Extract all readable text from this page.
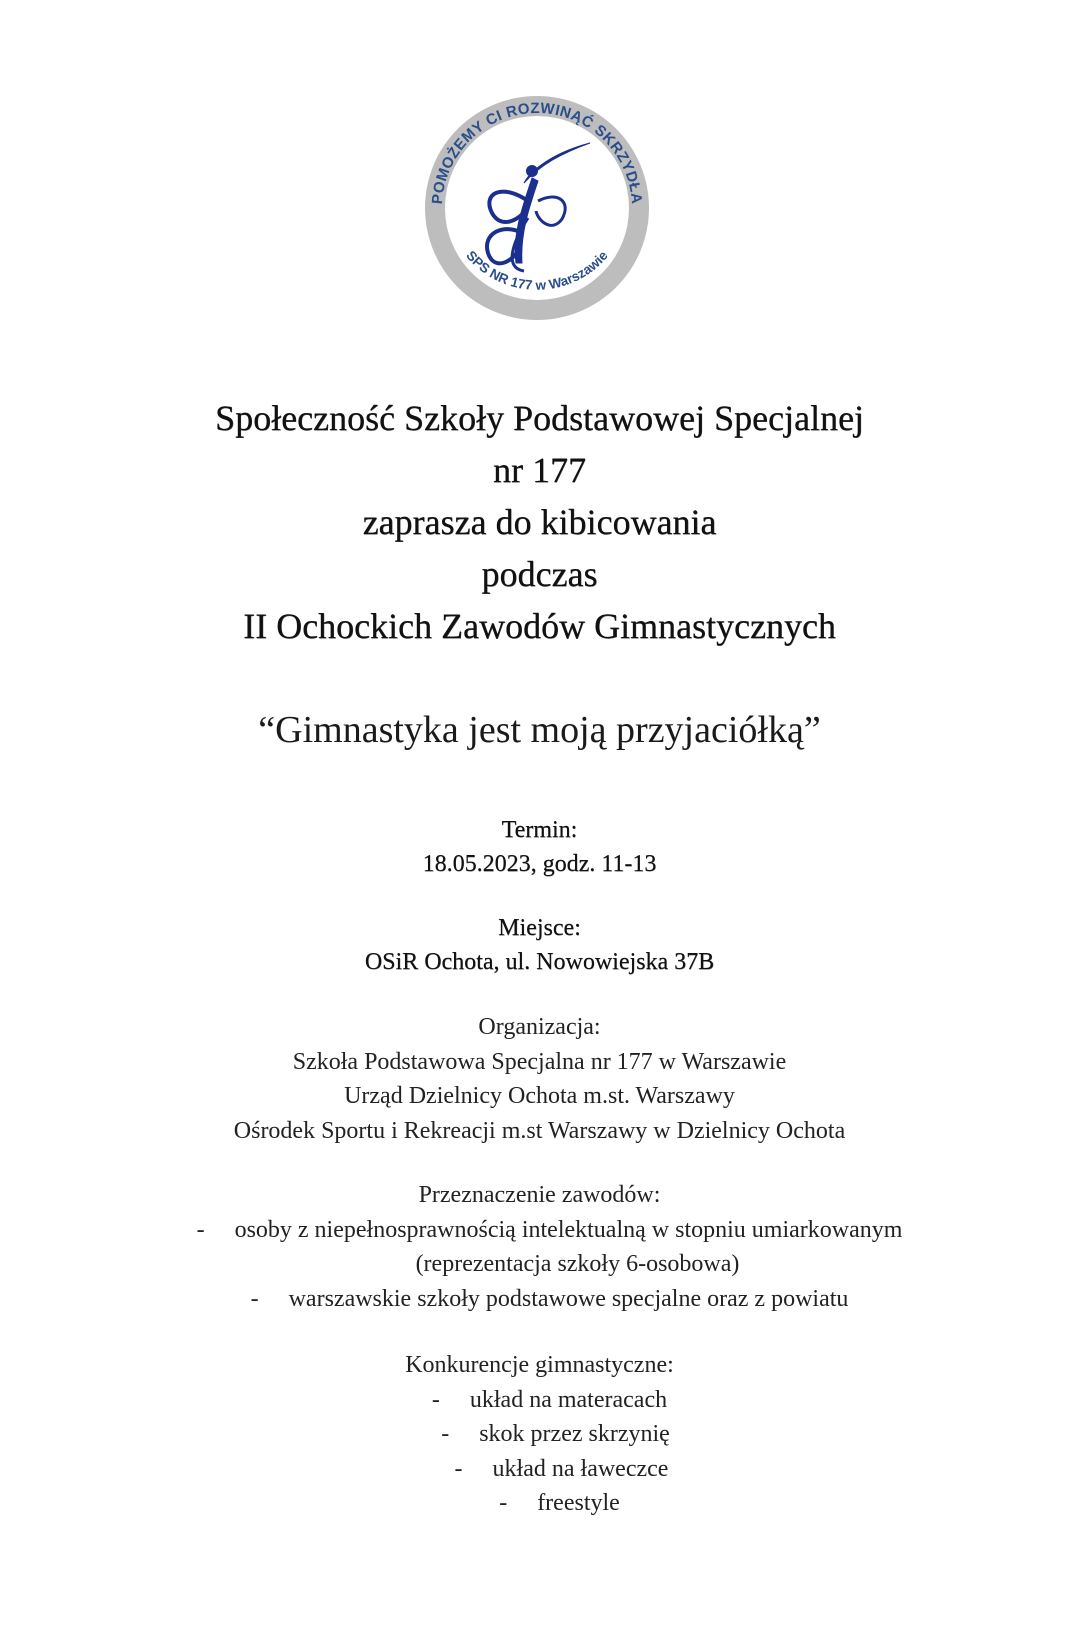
POMOŻEMY CI ROZWINĄĆ SKRZYDŁA
SPS NR 177 w Warszawie
Społeczność Szkoły Podstawowej Specjalnej
nr 177
zaprasza do kibicowania
podczas
II Ochockich Zawodów Gimnastycznych
“Gimnastyka jest moją przyjaciółką”
Termin:
18.05.2023, godz. 11-13
Miejsce:
OSiR Ochota, ul. Nowowiejska 37B
Organizacja:
Szkoła Podstawowa Specjalna nr 177 w Warszawie
Urząd Dzielnicy Ochota m.st. Warszawy
Ośrodek Sportu i Rekreacji m.st Warszawy w Dzielnicy Ochota
Przeznaczenie zawodów:
- osoby z niepełnosprawnością intelektualną w stopniu umiarkowanym
(reprezentacja szkoły 6-osobowa)
- warszawskie szkoły podstawowe specjalne oraz z powiatu
Konkurencje gimnastyczne:
- układ na materacach
- skok przez skrzynię
- układ na ławeczce
- freestyle
